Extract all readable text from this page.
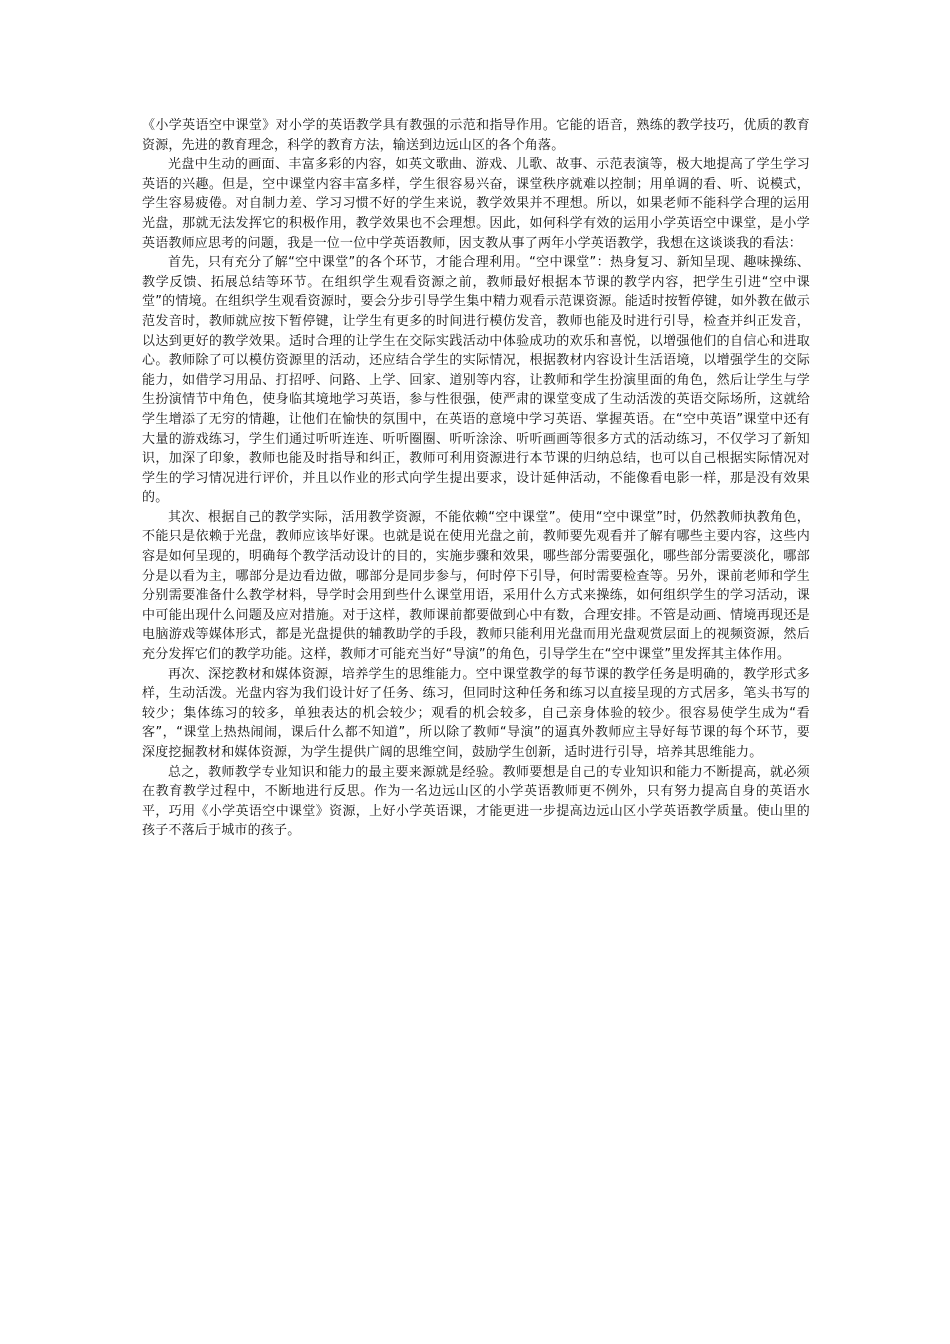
《小学英语空中课堂》对小学的英语教学具有教强的示范和指导作用。它能的语音，熟练的教学技巧，优质的教育资源，先进的教育理念，科学的教育方法，输送到边远山区的各个角落。

光盘中生动的画面、丰富多彩的内容，如英文歌曲、游戏、儿歌、故事、示范表演等，极大地提高了学生学习英语的兴趣。但是，空中课堂内容丰富多样，学生很容易兴奋，课堂秩序就难以控制；用单调的看、听、说模式，学生容易疲倦。对自制力差、学习习惯不好的学生来说，教学效果并不理想。所以，如果老师不能科学合理的运用光盘，那就无法发挥它的积极作用，教学效果也不会理想。因此，如何科学有效的运用小学英语空中课堂，是小学英语教师应思考的问题，我是一位一位中学英语教师，因支教从事了两年小学英语教学，我想在这谈谈我的看法：

首先，只有充分了解“空中课堂”的各个环节，才能合理利用。“空中课堂”：热身复习、新知呈现、趣味操练、教学反馈、拓展总结等环节。在组织学生观看资源之前，教师最好根据本节课的教学内容，把学生引进“空中课堂”的情境。在组织学生观看资源时，要会分步引导学生集中精力观看示范课资源。能适时按暂停键，如外教在做示范发音时，教师就应按下暂停键，让学生有更多的时间进行模仿发音，教师也能及时进行引导，检查并纠正发音，以达到更好的教学效果。适时合理的让学生在交际实践活动中体验成功的欢乐和喜悦，以增强他们的自信心和进取心。教师除了可以模仿资源里的活动，还应结合学生的实际情况，根据教材内容设计生活语境，以增强学生的交际能力，如借学习用品、打招呼、问路、上学、回家、道别等内容，让教师和学生扮演里面的角色，然后让学生与学生扮演情节中角色，使身临其境地学习英语，参与性很强，使严肃的课堂变成了生动活泼的英语交际场所，这就给学生增添了无穷的情趣，让他们在愉快的氛围中，在英语的意境中学习英语、掌握英语。在“空中英语”课堂中还有大量的游戏练习，学生们通过听听连连、听听圈圈、听听涂涂、听听画画等很多方式的活动练习，不仅学习了新知识，加深了印象，教师也能及时指导和纠正，教师可利用资源进行本节课的归纳总结，也可以自己根据实际情况对学生的学习情况进行评价，并且以作业的形式向学生提出要求，设计延伸活动，不能像看电影一样，那是没有效果的。

其次、根据自己的教学实际，活用教学资源，不能依赖“空中课堂”。使用“空中课堂”时，仍然教师执教角色，不能只是依赖于光盘，教师应该毕好课。也就是说在使用光盘之前，教师要先观看并了解有哪些主要内容，这些内容是如何呈现的，明确每个教学活动设计的目的，实施步骤和效果，哪些部分需要强化，哪些部分需要淡化，哪部分是以看为主，哪部分是边看边做，哪部分是同步参与，何时停下引导，何时需要检查等。另外，课前老师和学生分别需要准备什么教学材料，导学时会用到些什么课堂用语，采用什么方式来操练，如何组织学生的学习活动，课中可能出现什么问题及应对措施。对于这样，教师课前都要做到心中有数，合理安排。不管是动画、情境再现还是电脑游戏等媒体形式，都是光盘提供的辅教助学的手段，教师只能利用光盘而用光盘观赏层面上的视频资源，然后充分发挥它们的教学功能。这样，教师才可能充当好“导演”的角色，引导学生在“空中课堂”里发挥其主体作用。

再次、深挖教材和媒体资源，培养学生的思维能力。空中课堂教学的每节课的教学任务是明确的，教学形式多样，生动活泼。光盘内容为我们设计好了任务、练习，但同时这种任务和练习以直接呈现的方式居多，笔头书写的较少；集体练习的较多，单独表达的机会较少；观看的机会较多，自己亲身体验的较少。很容易使学生成为“看客”，“课堂上热热闹闹，课后什么都不知道”，所以除了教师“导演”的逼真外教师应主导好每节课的每个环节，要深度挖掘教材和媒体资源，为学生提供广阔的思维空间，鼓励学生创新，适时进行引导，培养其思维能力。

总之，教师教学专业知识和能力的最主要来源就是经验。教师要想是自己的专业知识和能力不断提高，就必须在教育教学过程中，不断地进行反思。作为一名边远山区的小学英语教师更不例外，只有努力提高自身的英语水平，巧用《小学英语空中课堂》资源，上好小学英语课，才能更进一步提高边远山区小学英语教学质量。使山里的孩子不落后于城市的孩子。
